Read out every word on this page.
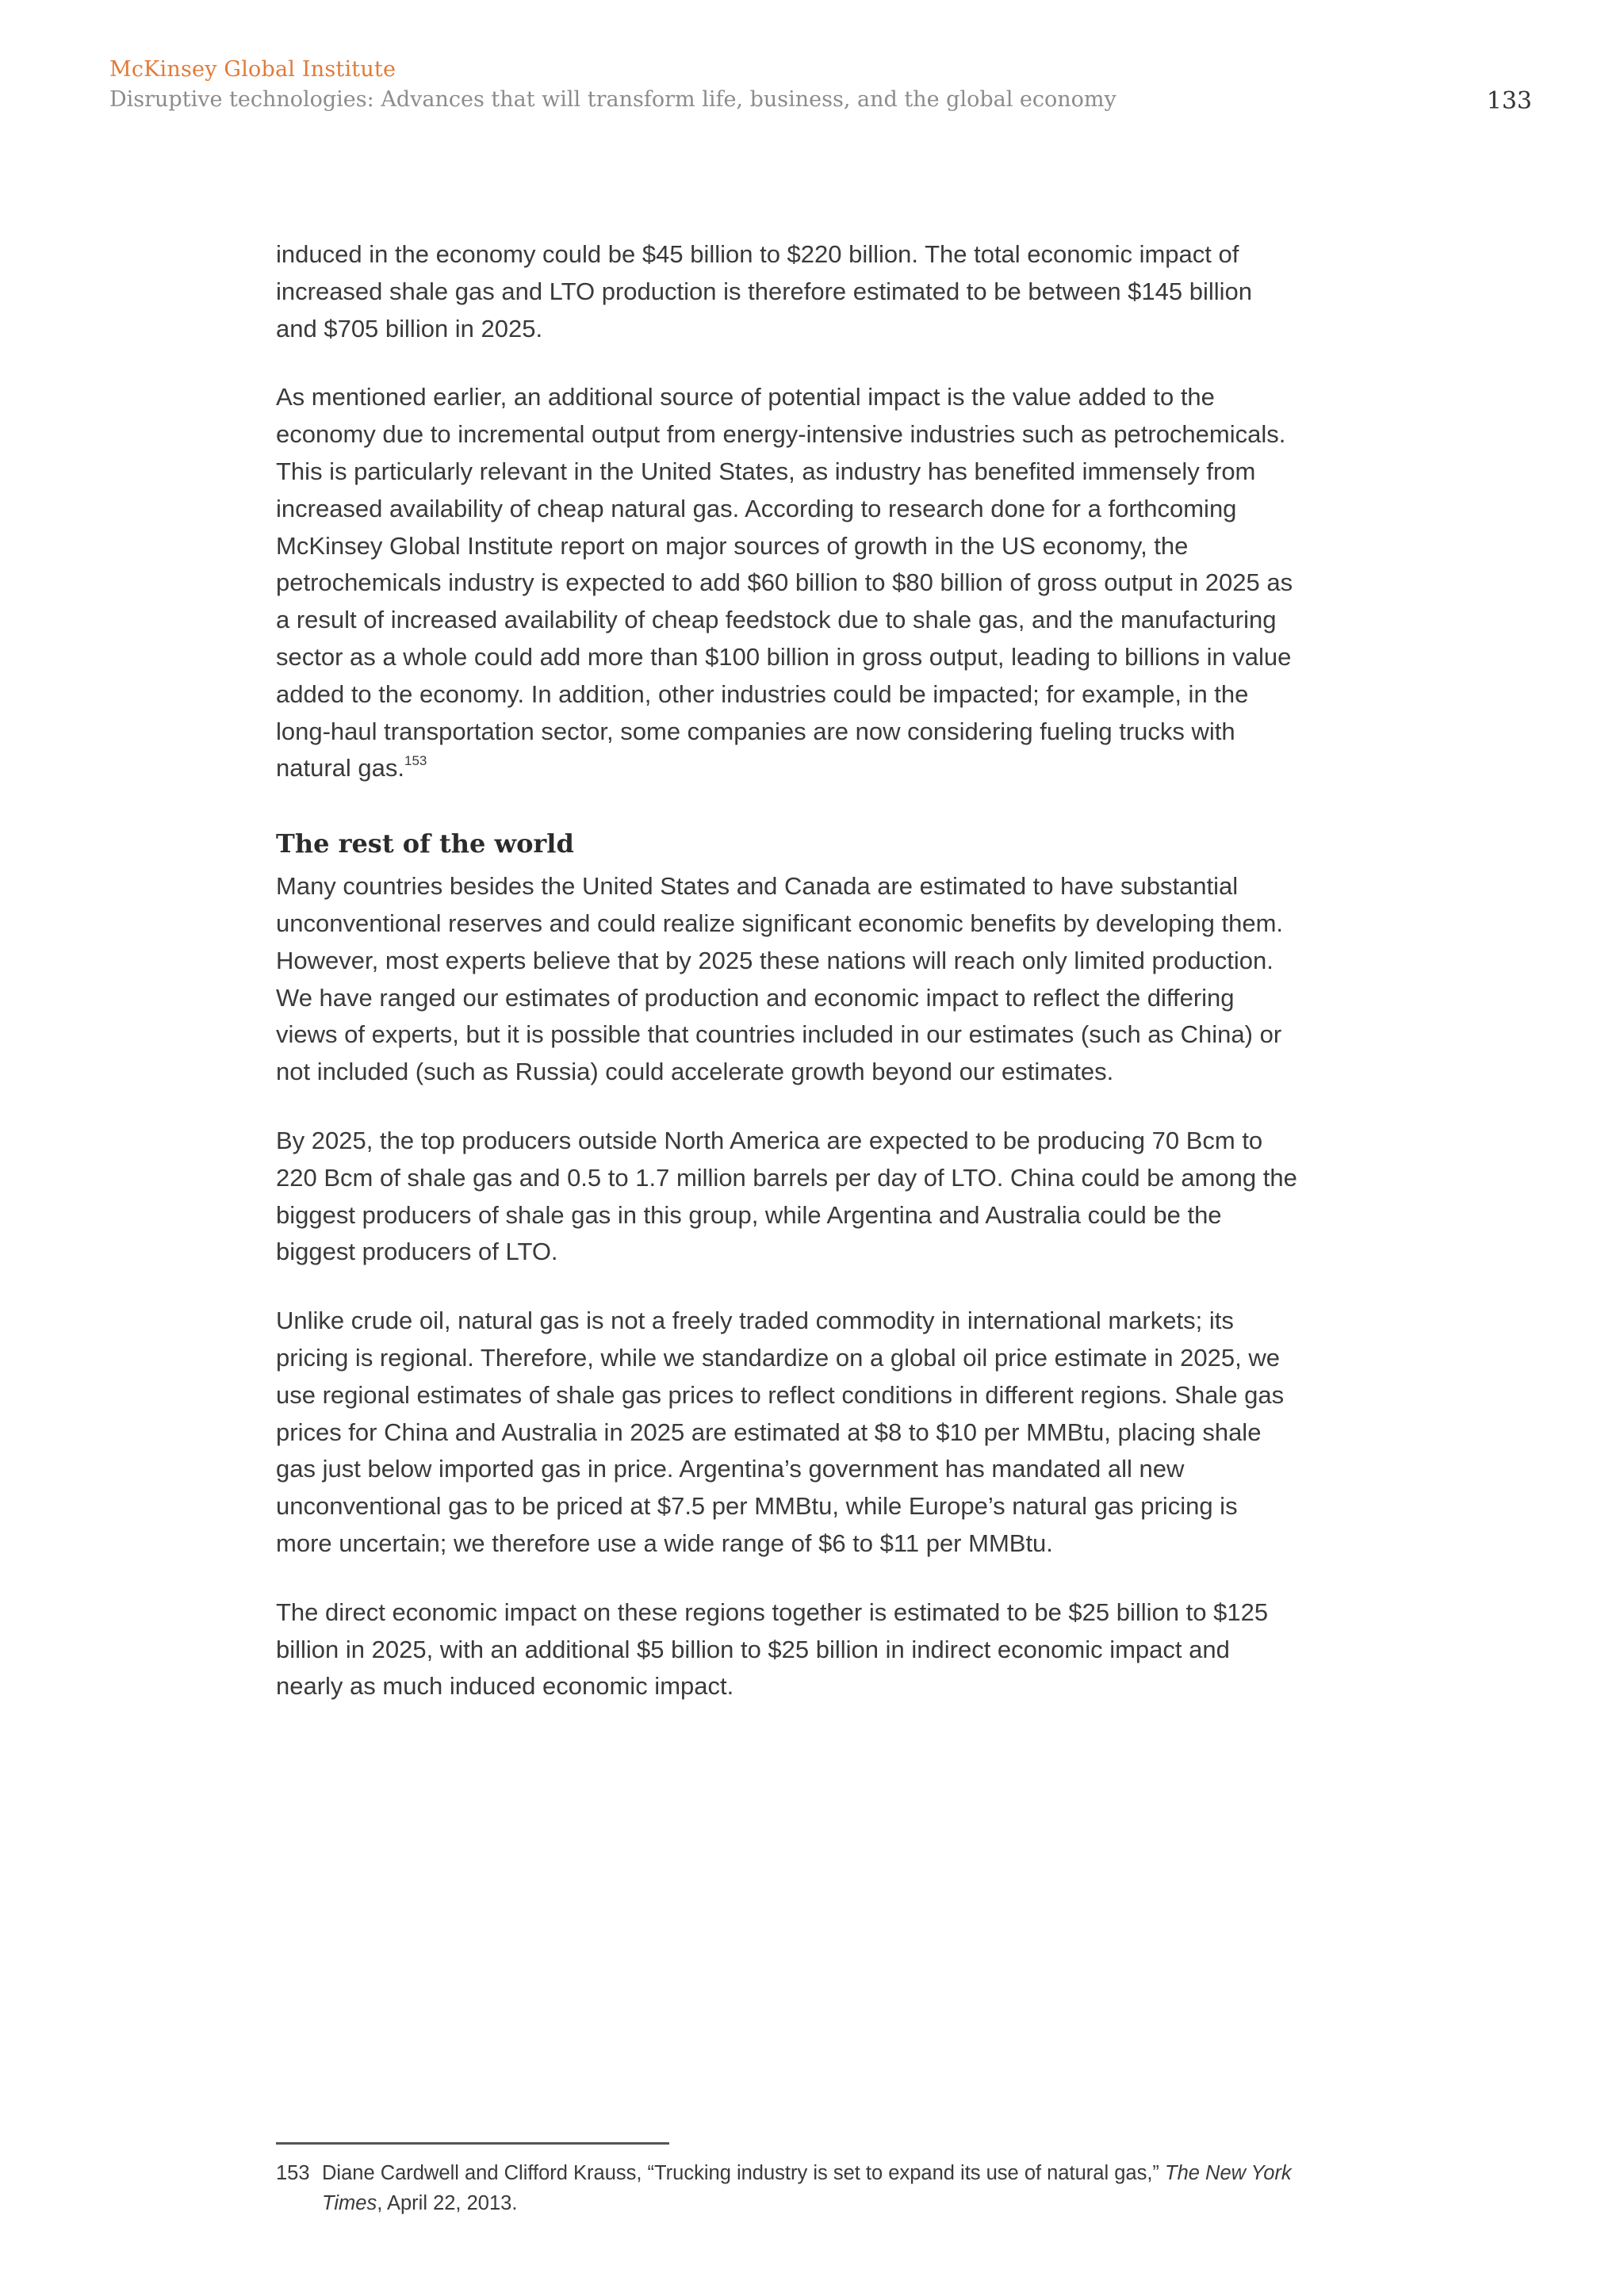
McKinsey Global Institute
Disruptive technologies: Advances that will transform life, business, and the global economy	133

induced in the economy could be $45 billion to $220 billion. The total economic impact of increased shale gas and LTO production is therefore estimated to be between $145 billion and $705 billion in 2025.

As mentioned earlier, an additional source of potential impact is the value added to the economy due to incremental output from energy-intensive industries such as petrochemicals. This is particularly relevant in the United States, as industry has benefited immensely from increased availability of cheap natural gas. According to research done for a forthcoming McKinsey Global Institute report on major sources of growth in the US economy, the petrochemicals industry is expected to add $60 billion to $80 billion of gross output in 2025 as a result of increased availability of cheap feedstock due to shale gas, and the manufacturing sector as a whole could add more than $100 billion in gross output, leading to billions in value added to the economy. In addition, other industries could be impacted; for example, in the long-haul transportation sector, some companies are now considering fueling trucks with natural gas.$^{153}$

The rest of the world

Many countries besides the United States and Canada are estimated to have substantial unconventional reserves and could realize significant economic benefits by developing them. However, most experts believe that by 2025 these nations will reach only limited production. We have ranged our estimates of production and economic impact to reflect the differing views of experts, but it is possible that countries included in our estimates (such as China) or not included (such as Russia) could accelerate growth beyond our estimates.

By 2025, the top producers outside North America are expected to be producing 70 Bcm to 220 Bcm of shale gas and 0.5 to 1.7 million barrels per day of LTO. China could be among the biggest producers of shale gas in this group, while Argentina and Australia could be the biggest producers of LTO.

Unlike crude oil, natural gas is not a freely traded commodity in international markets; its pricing is regional. Therefore, while we standardize on a global oil price estimate in 2025, we use regional estimates of shale gas prices to reflect conditions in different regions. Shale gas prices for China and Australia in 2025 are estimated at $8 to $10 per MMBtu, placing shale gas just below imported gas in price. Argentina’s government has mandated all new unconventional gas to be priced at $7.5 per MMBtu, while Europe’s natural gas pricing is more uncertain; we therefore use a wide range of $6 to $11 per MMBtu.

The direct economic impact on these regions together is estimated to be $25 billion to $125 billion in 2025, with an additional $5 billion to $25 billion in indirect economic impact and nearly as much induced economic impact.

153 Diane Cardwell and Clifford Krauss, “Trucking industry is set to expand its use of natural gas,” The New York Times, April 22, 2013.
